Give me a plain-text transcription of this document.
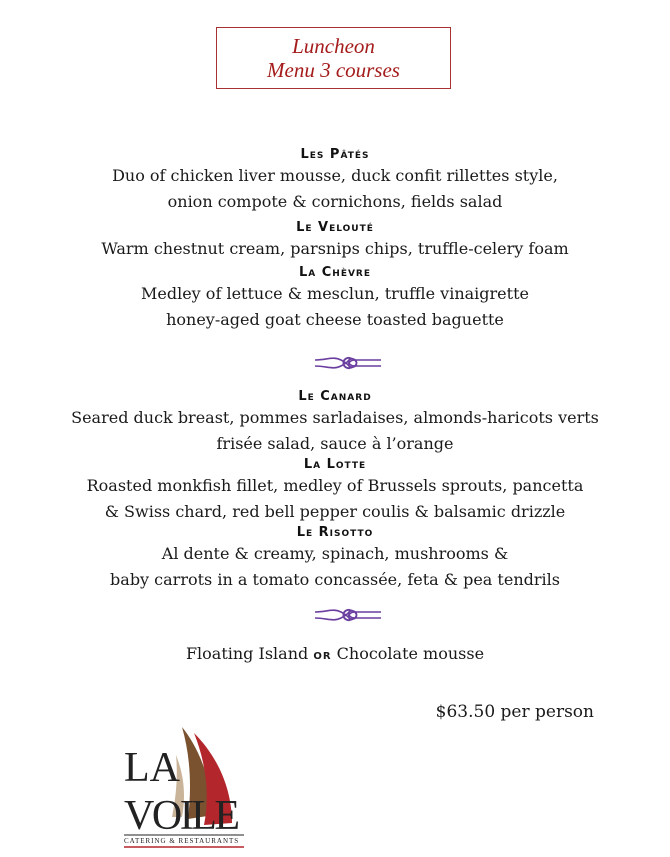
Luncheon
Menu 3 courses
Les Pâtés
Duo of chicken liver mousse, duck confit rillettes style,
onion compote & cornichons, fields salad
Le Velouté
Warm chestnut cream, parsnips chips, truffle-celery foam
La Chèvre
Medley of lettuce & mesclun, truffle vinaigrette
honey-aged goat cheese toasted baguette
Le Canard
Seared duck breast, pommes sarladaises, almonds-haricots verts
frisée salad, sauce à l’orange
La Lotte
Roasted monkfish fillet, medley of Brussels sprouts, pancetta
& Swiss chard, red bell pepper coulis & balsamic drizzle
Le Risotto
Al dente & creamy, spinach, mushrooms &
baby carrots in a tomato concassée, feta & pea tendrils
Floating Island or Chocolate mousse
$63.50 per person
LA
VOILE
CATERING & RESTAURANTS
